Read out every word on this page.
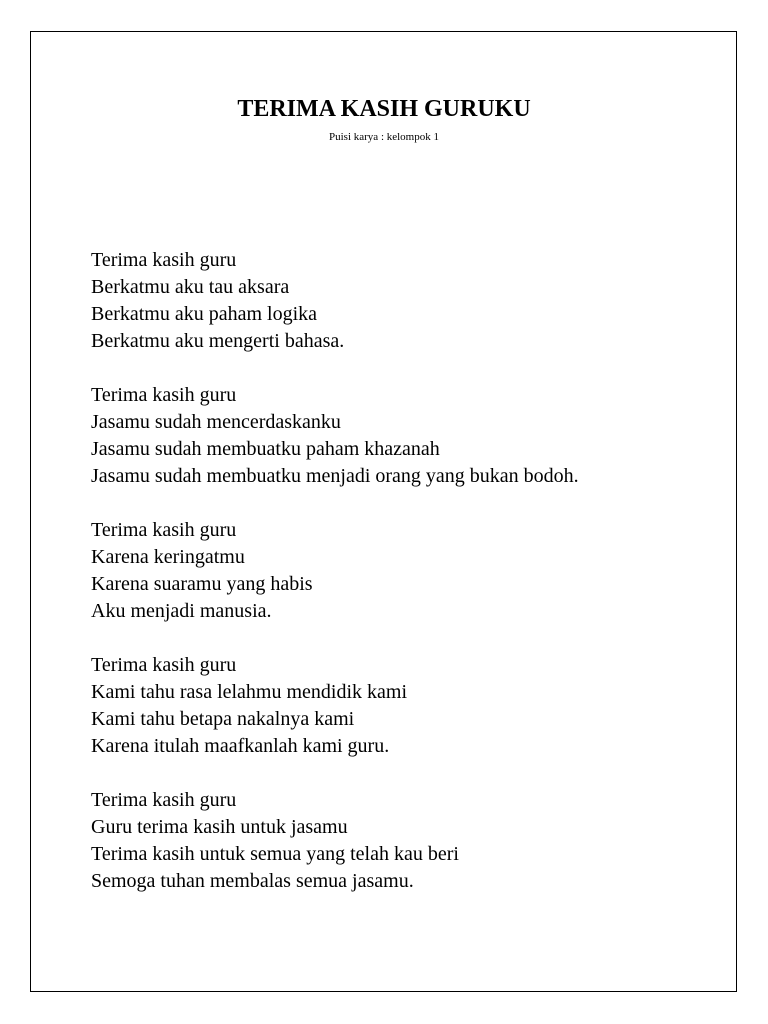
TERIMA KASIH GURUKU

Puisi karya : kelompok 1

Terima kasih guru
Berkatmu aku tau aksara
Berkatmu aku paham logika
Berkatmu aku mengerti bahasa.
Terima kasih guru
Jasamu sudah mencerdaskanku
Jasamu sudah membuatku paham khazanah
Jasamu sudah membuatku menjadi orang yang bukan bodoh.
Terima kasih guru
Karena keringatmu
Karena suaramu yang habis
Aku menjadi manusia.
Terima kasih guru
Kami tahu rasa lelahmu mendidik kami
Kami tahu betapa nakalnya kami
Karena itulah maafkanlah kami guru.
Terima kasih guru
Guru terima kasih untuk jasamu
Terima kasih untuk semua yang telah kau beri
Semoga tuhan membalas semua jasamu.
